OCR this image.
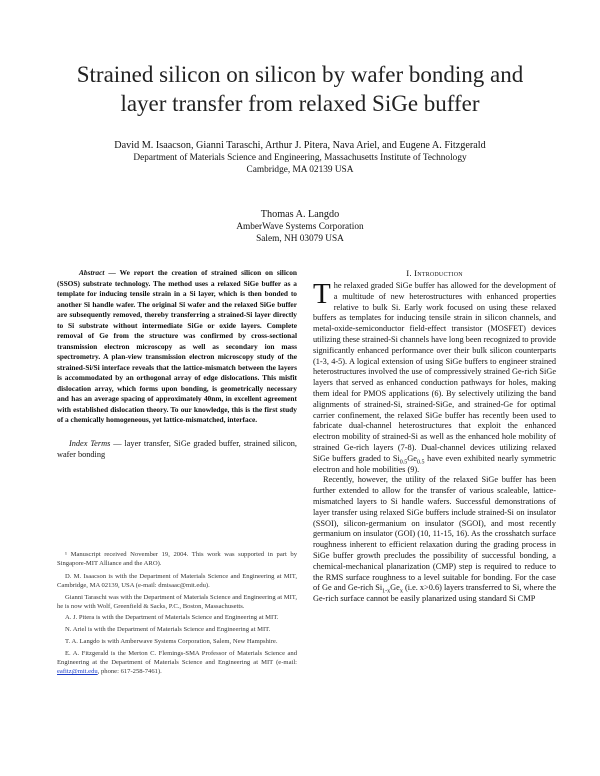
Strained silicon on silicon by wafer bonding and
layer transfer from relaxed SiGe buffer
David M. Isaacson, Gianni Taraschi, Arthur J. Pitera, Nava Ariel, and Eugene A. Fitzgerald
Department of Materials Science and Engineering, Massachusetts Institute of Technology
Cambridge, MA 02139 USA
Thomas A. Langdo
AmberWave Systems Corporation
Salem, NH 03079 USA

Abstract — We report the creation of strained silicon on silicon (SSOS) substrate technology. The method uses a relaxed SiGe buffer as a template for inducing tensile strain in a Si layer, which is then bonded to another Si handle wafer. The original Si wafer and the relaxed SiGe buffer are subsequently removed, thereby transferring a strained-Si layer directly to Si substrate without intermediate SiGe or oxide layers. Complete removal of Ge from the structure was confirmed by cross-sectional transmission electron microscopy as well as secondary ion mass spectrometry. A plan-view transmission electron microscopy study of the strained-Si/Si interface reveals that the lattice-mismatch between the layers is accommodated by an orthogonal array of edge dislocations. This misfit dislocation array, which forms upon bonding, is geometrically necessary and has an average spacing of approximately 40nm, in excellent agreement with established dislocation theory. To our knowledge, this is the first study of a chemically homogeneous, yet lattice-mismatched, interface.

Index Terms — layer transfer, SiGe graded buffer, strained silicon, wafer bonding

¹ Manuscript received November 19, 2004. This work was supported in part by Singapore-MIT Alliance and the ARO).

D. M. Isaacson is with the Department of Materials Science and Engineering at MIT, Cambridge, MA 02139, USA (e-mail: dmisaac@mit.edu).

Gianni Taraschi was with the Department of Materials Science and Engineering at MIT, he is now with Wolf, Greenfield & Sacks, P.C., Boston, Massachusetts.

A. J. Pitera is with the Department of Materials Science and Engineering at MIT.

N. Ariel is with the Department of Materials Science and Engineering at MIT.

T. A. Langdo is with Amberwave Systems Corporation, Salem, New Hampshire.

E. A. Fitzgerald is the Merton C. Flemings-SMA Professor of Materials Science and Engineering at the Department of Materials Science and Engineering at MIT (e-mail: eafitz@mit.edu, phone: 617-258-7461).

I. Introduction

The relaxed graded SiGe buffer has allowed for the development of a multitude of new heterostructures with enhanced properties relative to bulk Si. Early work focused on using these relaxed buffers as templates for inducing tensile strain in silicon channels, and metal-oxide-semiconductor field-effect transistor (MOSFET) devices utilizing these strained-Si channels have long been recognized to provide significantly enhanced performance over their bulk silicon counterparts (1-3, 4-5). A logical extension of using SiGe buffers to engineer strained heterostructures involved the use of compressively strained Ge-rich SiGe layers that served as enhanced conduction pathways for holes, making them ideal for PMOS applications (6). By selectively utilizing the band alignments of strained-Si, strained-SiGe, and strained-Ge for optimal carrier confinement, the relaxed SiGe buffer has recently been used to fabricate dual-channel heterostructures that exploit the enhanced electron mobility of strained-Si as well as the enhanced hole mobility of strained Ge-rich layers (7-8). Dual-channel devices utilizing relaxed SiGe buffers graded to $Si_{0.5}Ge_{0.5}$ have even exhibited nearly symmetric electron and hole mobilities (9).

Recently, however, the utility of the relaxed SiGe buffer has been further extended to allow for the transfer of various scaleable, lattice-mismatched layers to Si handle wafers. Successful demonstrations of layer transfer using relaxed SiGe buffers include strained-Si on insulator (SSOI), silicon-germanium on insulator (SGOI), and most recently germanium on insulator (GOI) (10, 11-15, 16). As the crosshatch surface roughness inherent to efficient relaxation during the grading process in SiGe buffer growth precludes the possibility of successful bonding, a chemical-mechanical planarization (CMP) step is required to reduce to the RMS surface roughness to a level suitable for bonding. For the case of Ge and Ge-rich $Si_{1-x}Ge_x$ (i.e. x>0.6) layers transferred to Si, where the Ge-rich surface cannot be easily planarized using standard Si CMP
